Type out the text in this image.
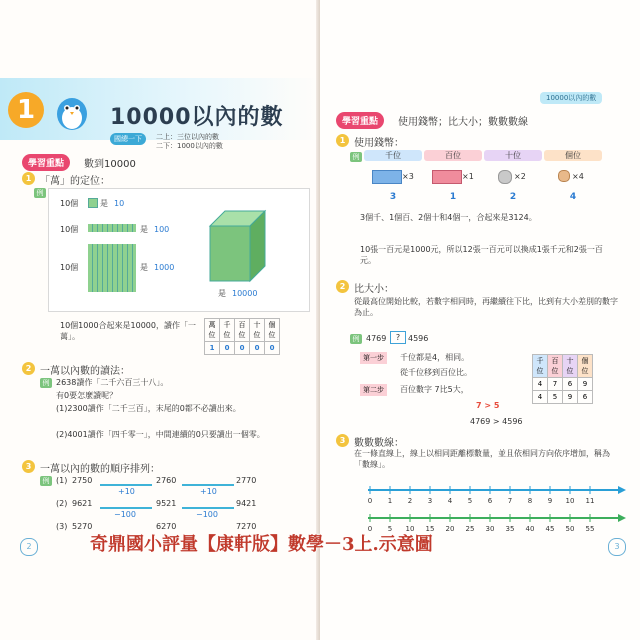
1	10000以內的數
國總一下	二上：三位以內的數
二下：1000以內的數
學習重點	數到10000
1 「萬」的定位：
例
10個	是 10
10個	是 100
10個	是 1000
是 10000
10個1000合起來是10000，讀作「一萬」。
萬位	千位	百位	十位	個位
1	0	0	0	0
2 一萬以內數的讀法：
例 2638讀作「二千六百三十八」。
有0要怎麼讀呢？
(1)2300讀作「二千三百」，末尾的0都不必讀出來。
(2)4001讀作「四千零一」，中間連續的0只要讀出一個零。
3 一萬以內的數的順序排列：
例 (1) 2750	2760	2770
+10	+10
(2) 9621	9521	9421
−100	−100
(3) 5270	6270	7270
2
10000以內的數
學習重點	使用錢幣；比大小；數數數線
1 使用錢幣：
例	千位	百位	十位	個位
×3	×1	×2	×4
3	1	2	4
3個千、1個百、2個十和4個一，合起來是3124。
10張一百元是1000元，所以12張一百元可以換成1張千元和2張一百元。
2 比大小：
從最高位開始比較，若數字相同時，再繼續往下比，比到有大小差別的數字為止。
例 4769	? 4596
第一步	千位都是4，相同。
從千位移到百位比。
第二步	百位數字 7比5大，
7 > 5
4769 > 4596
千位	百位	十位	個位
4	7	6	9
4	5	9	6
3 數數數線：
在一條直線上，線上以相同距離標數量，並且依相同方向依序增加，稱為「數線」。
0 1 2 3 4 5 6 7 8 9 10 11
0 5 10 15 20 25 30 35 40 45 50 55
3
奇鼎國小評量【康軒版】數學－3上.示意圖
